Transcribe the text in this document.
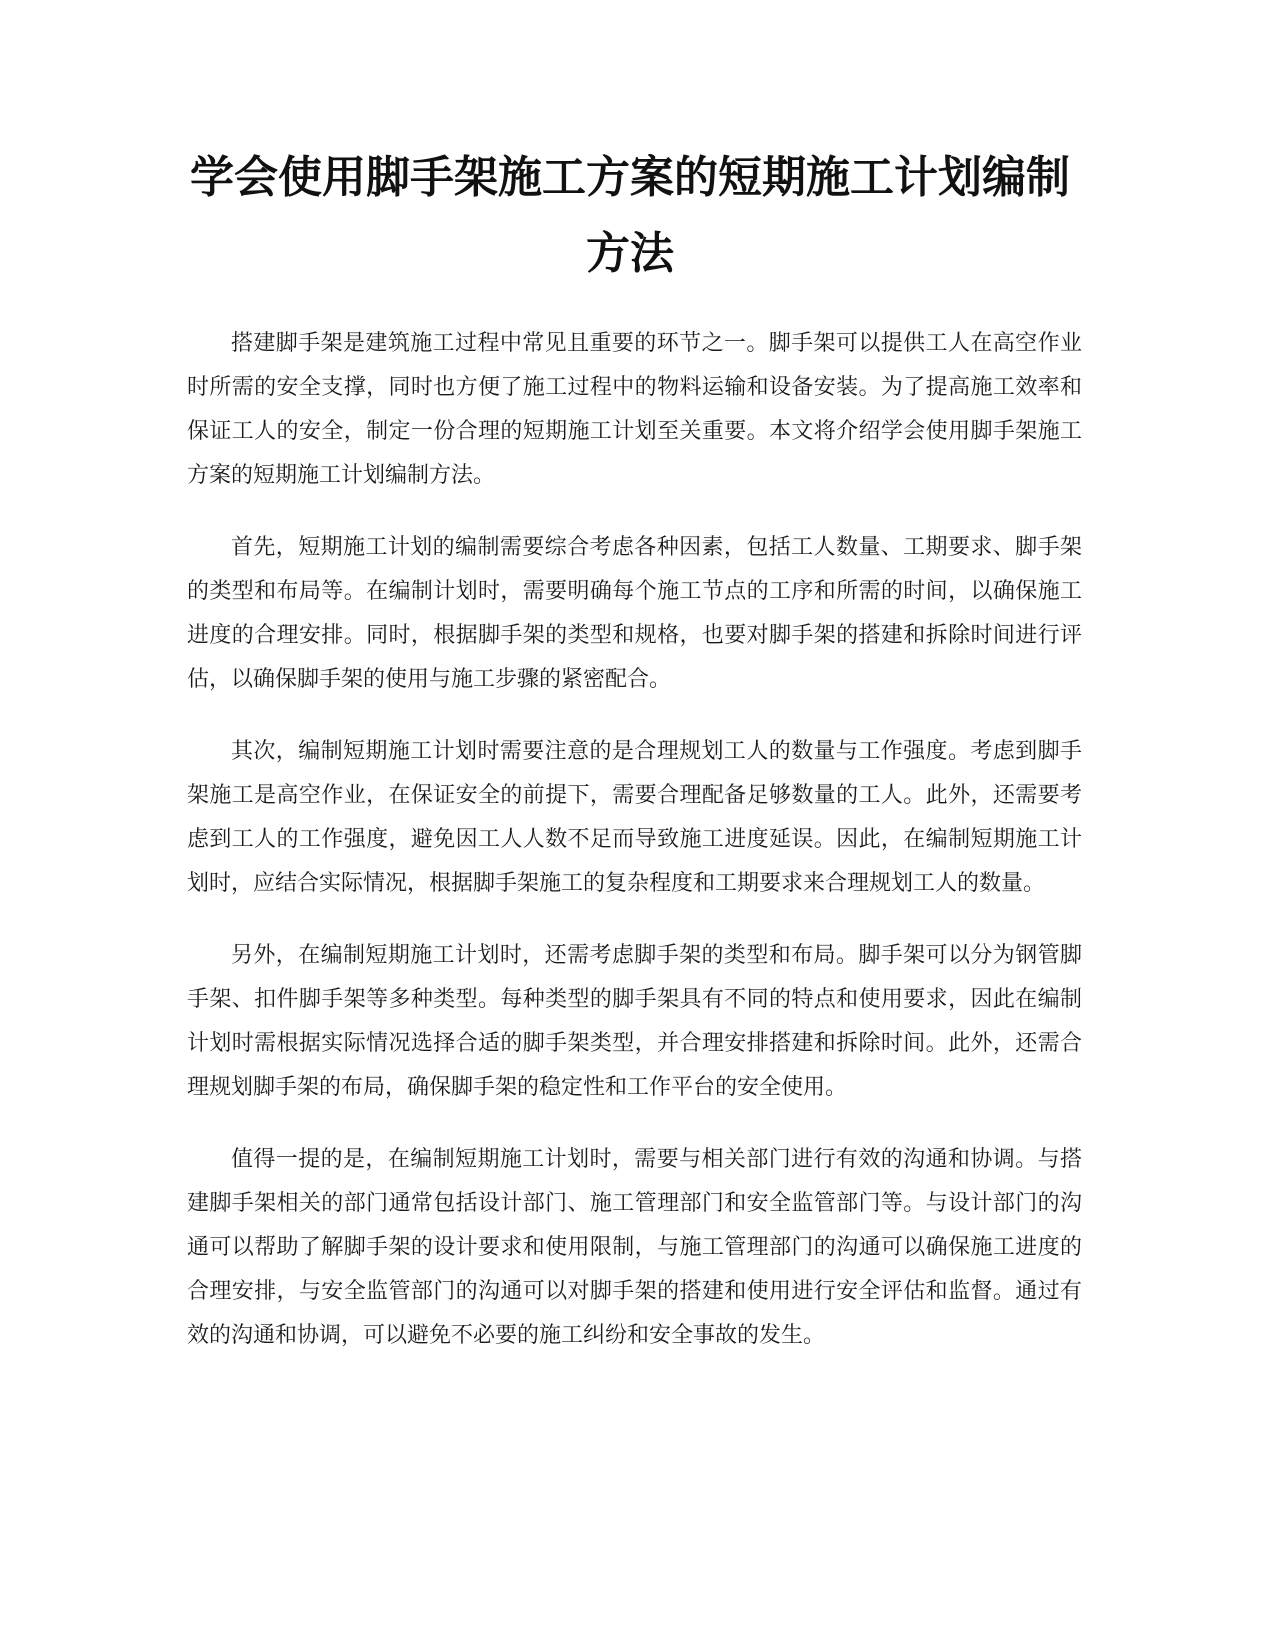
学会使用脚手架施工方案的短期施工计划编制方法

搭建脚手架是建筑施工过程中常见且重要的环节之一。脚手架可以提供工人在高空作业时所需的安全支撑，同时也方便了施工过程中的物料运输和设备安装。为了提高施工效率和保证工人的安全，制定一份合理的短期施工计划至关重要。本文将介绍学会使用脚手架施工方案的短期施工计划编制方法。

首先，短期施工计划的编制需要综合考虑各种因素，包括工人数量、工期要求、脚手架的类型和布局等。在编制计划时，需要明确每个施工节点的工序和所需的时间，以确保施工进度的合理安排。同时，根据脚手架的类型和规格，也要对脚手架的搭建和拆除时间进行评估，以确保脚手架的使用与施工步骤的紧密配合。

其次，编制短期施工计划时需要注意的是合理规划工人的数量与工作强度。考虑到脚手架施工是高空作业，在保证安全的前提下，需要合理配备足够数量的工人。此外，还需要考虑到工人的工作强度，避免因工人人数不足而导致施工进度延误。因此，在编制短期施工计划时，应结合实际情况，根据脚手架施工的复杂程度和工期要求来合理规划工人的数量。

另外，在编制短期施工计划时，还需考虑脚手架的类型和布局。脚手架可以分为钢管脚手架、扣件脚手架等多种类型。每种类型的脚手架具有不同的特点和使用要求，因此在编制计划时需根据实际情况选择合适的脚手架类型，并合理安排搭建和拆除时间。此外，还需合理规划脚手架的布局，确保脚手架的稳定性和工作平台的安全使用。

值得一提的是，在编制短期施工计划时，需要与相关部门进行有效的沟通和协调。与搭建脚手架相关的部门通常包括设计部门、施工管理部门和安全监管部门等。与设计部门的沟通可以帮助了解脚手架的设计要求和使用限制，与施工管理部门的沟通可以确保施工进度的合理安排，与安全监管部门的沟通可以对脚手架的搭建和使用进行安全评估和监督。通过有效的沟通和协调，可以避免不必要的施工纠纷和安全事故的发生。
